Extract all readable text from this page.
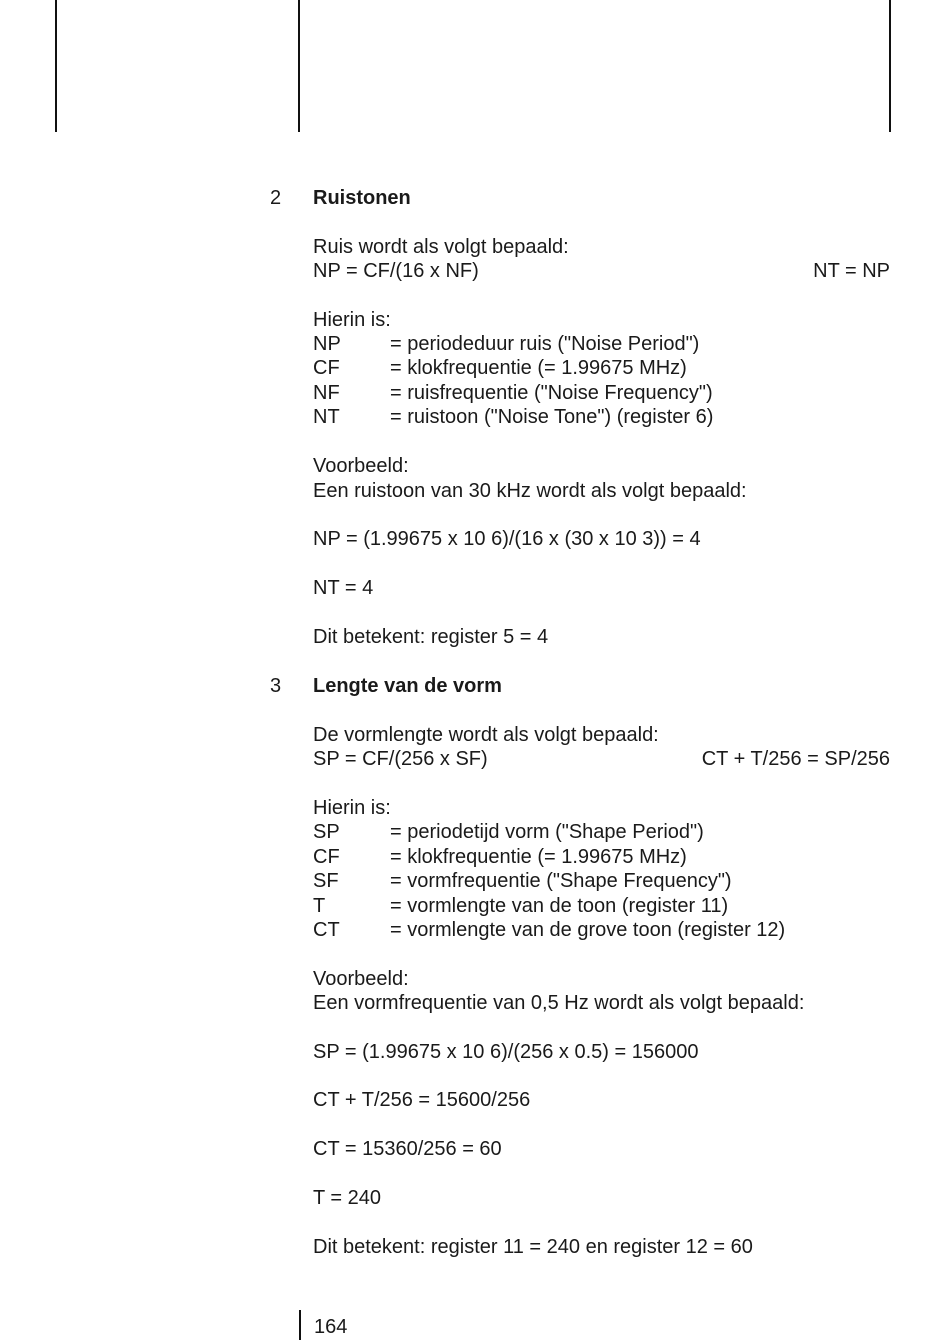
2 Ruistonen
Ruis wordt als volgt bepaald:
NP = CF/(16 x NF)	NT = NP
Hierin is:
NP = periodeduur ruis ("Noise Period")
CF	= klokfrequentie (= 1.99675 MHz)
NF	= ruisfrequentie ("Noise Frequency")
NT	= ruistoon ("Noise Tone") (register 6)
Voorbeeld:
Een ruistoon van 30 kHz wordt als volgt bepaald:
NP = (1.99675 x 10 6)/(16 x (30 x 10 3)) = 4
NT = 4
Dit betekent: register 5 = 4
3 Lengte van de vorm
De vormlengte wordt als volgt bepaald:
SP = CF/(256 x SF)	CT + T/256 = SP/256
Hierin is:
SP	= periodetijd vorm ("Shape Period")
CF	= klokfrequentie (= 1.99675 MHz)
SF	= vormfrequentie ("Shape Frequency")
T	= vormlengte van de toon (register 11)
CT	= vormlengte van de grove toon (register 12)
Voorbeeld:
Een vormfrequentie van 0,5 Hz wordt als volgt bepaald:
SP = (1.99675 x 10 6)/(256 x 0.5) = 156000
CT + T/256 = 15600/256
CT = 15360/256 = 60
T = 240
Dit betekent: register 11 = 240 en register 12 = 60
164
